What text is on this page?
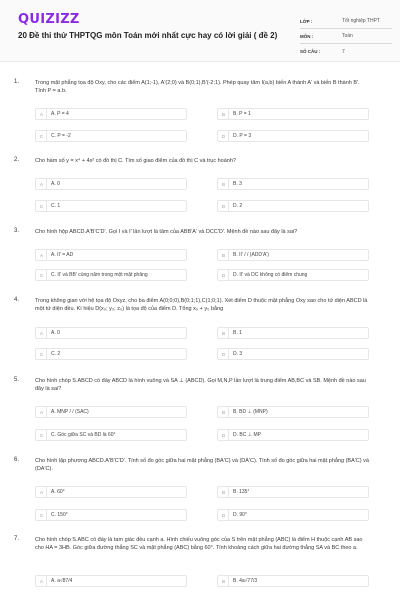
QUIZIZZ
20 Đề thi thử THPTQG môn Toán mới nhất cực hay có lời giải ( đề 2)
LỚP :	Tốt nghiệp THPT
MÔN :	Toán
SỐ CÂU :	7
1.	Trong mặt phẳng tọa độ Oxy, cho các điểm A(1;-1), A'(2;0) và B(0;1),B'(-2;1). Phép quay tâm I(a,b) biến A thành A' và biến B thành B'. Tính P = a.b.
A	A. P = 4	B	B. P = 1
C	C. P = -2	D	D. P = 3
2.	Cho hàm số y = x⁴ + 4x² có đồ thị C. Tìm số giao điểm của đồ thị C và trục hoành?
A	A. 0	B	B. 3
C	C. 1	D	D. 2
3.	Cho hình hộp ABCD.A'B'C'D'. Gọi I và I' lần lượt là tâm của ABB'A' và DCC'D'. Mệnh đề nào sau đây là sai?
A	A. II' = AD	B	B. II' / / (ADD'A')
C	C. II' và BB' cùng nằm trong một mặt phẳng	D	D. II' và DC không có điểm chung
4.	Trong không gian với hệ tọa độ Oxyz, cho ba điểm A(0;0;0),B(0;1;1),C(1;0;1). Xét điểm D thuộc mặt phẳng Oxy sao cho tứ diện ABCD là một tứ diện đều. Kí hiệu D(x₀; y₀; z₀) là tọa độ của điểm D. Tổng x₀ + y₀ bằng
A	A. 0	B	B. 1
C	C. 2	D	D. 3
5.	Cho hình chóp S.ABCD có đáy ABCD là hình vuông và SA ⊥ (ABCD). Gọi M,N,P lần lượt là trung điểm AB,BC và SB. Mệnh đề nào sau đây là sai?
A	A. MNP / / (SAC)	B	B. BD ⊥ (MNP)
C	C. Góc giữa SC và BD là 60°	D	D. BC ⊥ MP
6.	Cho hình lập phương ABCD.A'B'C'D'. Tính số đo góc giữa hai mặt phẳng (BA'C) và (DA'C). Tính số đo góc giữa hai mặt phẳng (BA'C) và (DA'C).
A	A. 60°	B	B. 135°
C	C. 150°	D	D. 90°
7.	Cho hình chóp S.ABC có đáy là tam giác đều cạnh a. Hình chiếu vuông góc của S trên mặt phẳng (ABC) là điểm H thuộc cạnh AB sao cho HA = 3HB. Góc giữa đường thẳng SC và mặt phẳng (ABC) bằng 60°. Tính khoảng cách giữa hai đường thẳng SA và BC theo a.
A	A. a√87/4	B	B. 4a√77/3
